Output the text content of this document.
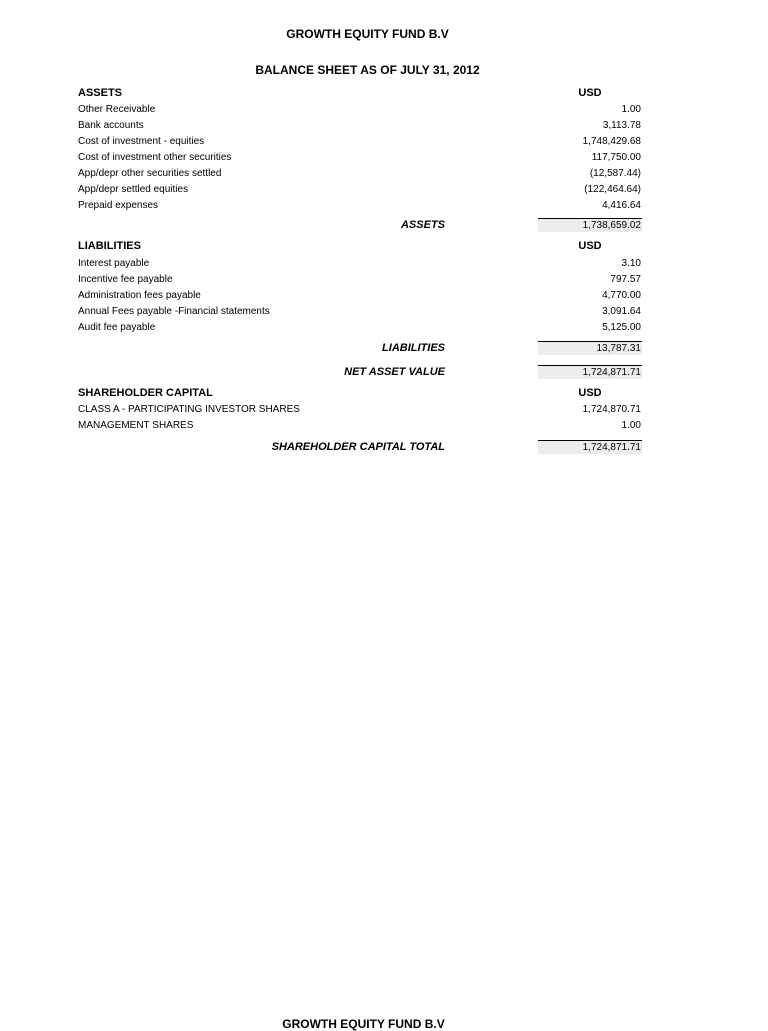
GROWTH EQUITY FUND B.V
BALANCE SHEET AS OF JULY 31, 2012
ASSETS	USD
Other Receivable	1.00
Bank accounts	3,113.78
Cost of investment - equities	1,748,429.68
Cost of investment other securities	117,750.00
App/depr other securities settled	(12,587.44)
App/depr settled equities	(122,464.64)
Prepaid expenses	4,416.64
ASSETS	1,738,659.02
LIABILITIES	USD
Interest payable	3.10
Incentive fee payable	797.57
Administration fees payable	4,770.00
Annual Fees payable -Financial statements	3,091.64
Audit fee payable	5,125.00
LIABILITIES	13,787.31
NET ASSET VALUE	1,724,871.71
SHAREHOLDER CAPITAL	USD
CLASS A - PARTICIPATING INVESTOR SHARES	1,724,870.71
MANAGEMENT SHARES	1.00
SHAREHOLDER CAPITAL TOTAL	1,724,871.71
GROWTH EQUITY FUND B.V
